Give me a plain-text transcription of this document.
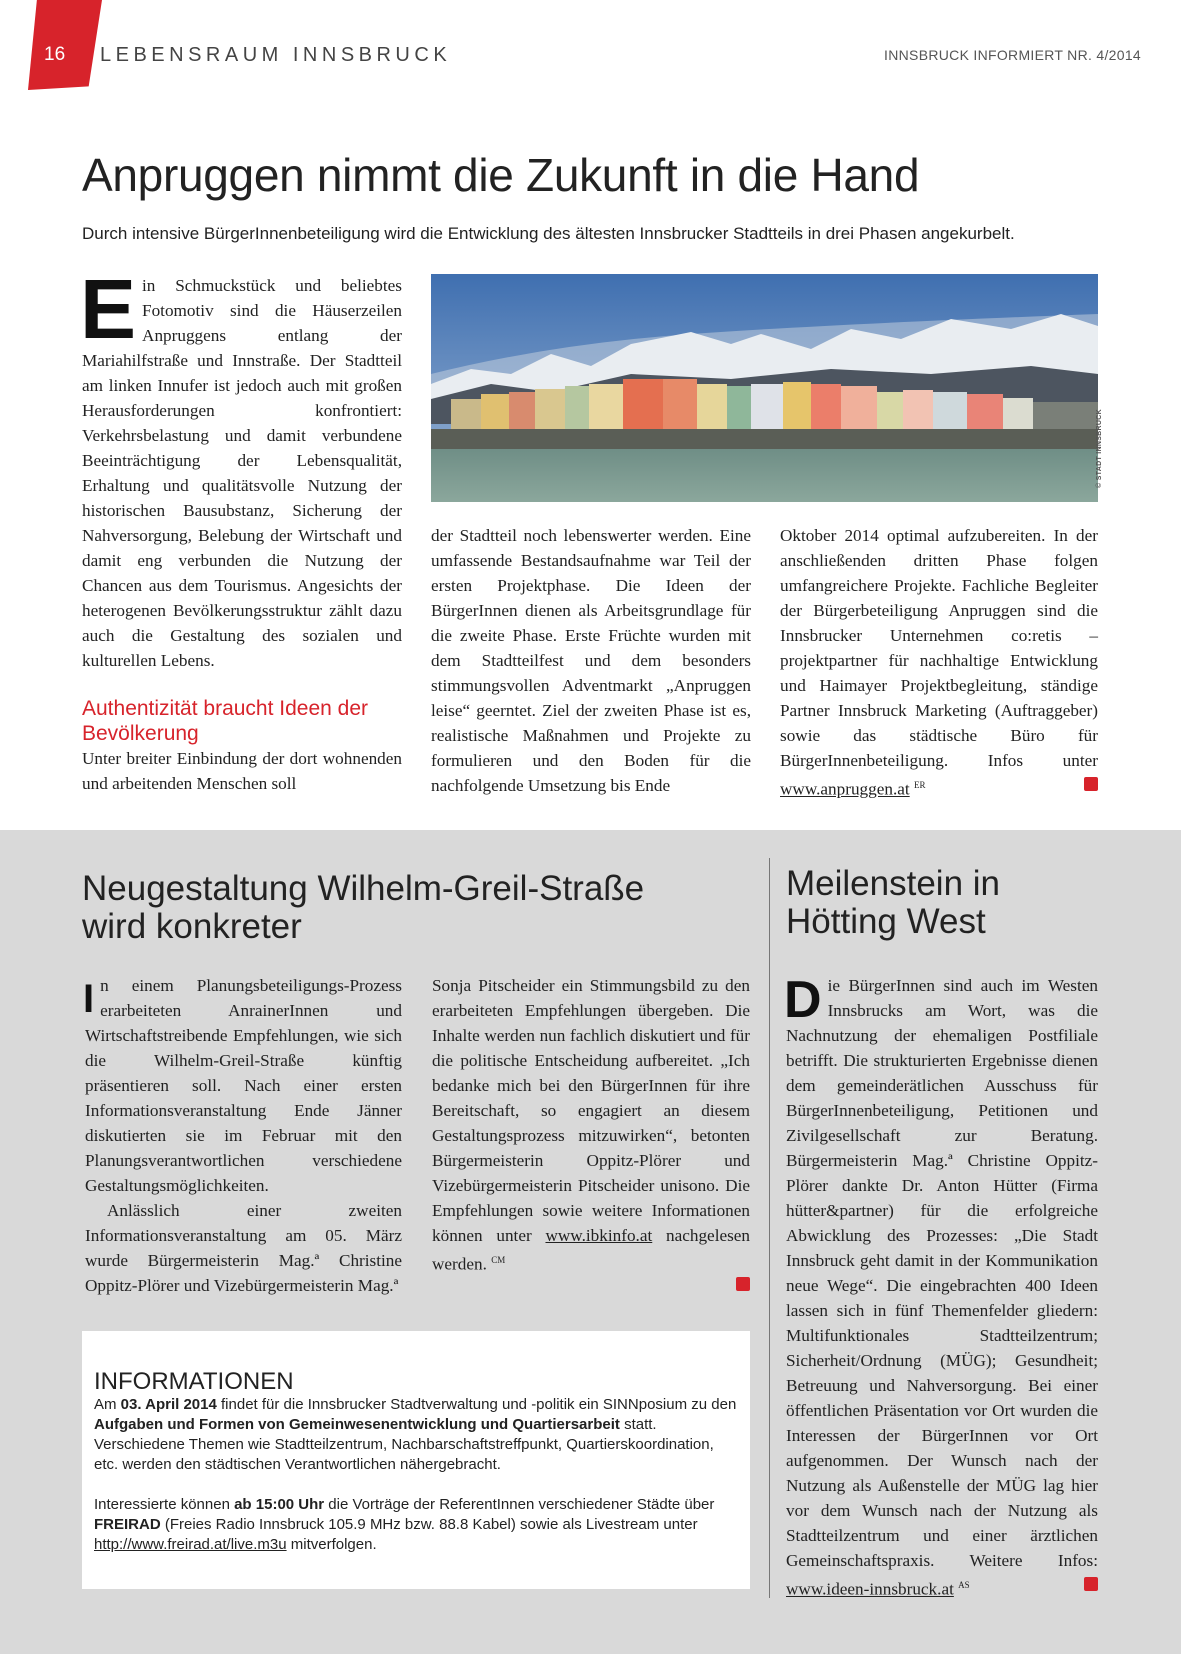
16 LEBENSRAUM INNSBRUCK	INNSBRUCK INFORMIERT NR. 4/2014
Anpruggen nimmt die Zukunft in die Hand
Durch intensive BürgerInnenbeteiligung wird die Entwicklung des ältesten Innsbrucker Stadtteils in drei Phasen angekurbelt.
E in Schmuckstück und beliebtes Fotomotiv sind die Häuserzeilen Anpruggens entlang der Mariahilfstraße und Innstraße. Der Stadtteil am linken Innufer ist jedoch auch mit großen Herausforderungen konfrontiert: Verkehrsbelastung und damit verbundene Beeinträchtigung der Lebensqualität, Erhaltung und qualitätsvolle Nutzung der historischen Bausubstanz, Sicherung der Nahversorgung, Belebung der Wirtschaft und damit eng verbunden die Nutzung der Chancen aus dem Tourismus. Angesichts der heterogenen Bevölkerungsstruktur zählt dazu auch die Gestaltung des sozialen und kulturellen Lebens.
Authentizität braucht Ideen der Bevölkerung
Unter breiter Einbindung der dort wohnenden und arbeitenden Menschen soll
© STADT INNSBRUCK
der Stadtteil noch lebenswerter werden. Eine umfassende Bestandsaufnahme war Teil der ersten Projektphase. Die Ideen der BürgerInnen dienen als Arbeitsgrundlage für die zweite Phase. Erste Früchte wurden mit dem Stadtteilfest und dem besonders stimmungsvollen Adventmarkt „Anpruggen leise“ geerntet. Ziel der zweiten Phase ist es, realistische Maßnahmen und Projekte zu formulieren und den Boden für die nachfolgende Umsetzung bis Ende
Oktober 2014 optimal aufzubereiten. In der anschließenden dritten Phase folgen umfangreichere Projekte. Fachliche Begleiter der Bürgerbeteiligung Anpruggen sind die Innsbrucker Unternehmen co:retis – projektpartner für nachhaltige Entwicklung und Haimayer Projektbegleitung, ständige Partner Innsbruck Marketing (Auftraggeber) sowie das städtische Büro für BürgerInnenbeteiligung. Infos unter www.anpruggen.at $^{ER}$
Neugestaltung Wilhelm-Greil-Straße
wird konkreter
I n einem Planungsbeteiligungs-Prozess erarbeiteten AnrainerInnen und Wirtschaftstreibende Empfehlungen, wie sich die Wilhelm-Greil-Straße künftig präsentieren soll. Nach einer ersten Informationsveranstaltung Ende Jänner diskutierten sie im Februar mit den Planungsverantwortlichen verschiedene Gestaltungsmöglichkeiten.
Anlässlich einer zweiten Informationsveranstaltung am 05. März wurde Bürgermeisterin Mag.ª Christine Oppitz-Plörer und Vizebürgermeisterin Mag.ª
Sonja Pitscheider ein Stimmungsbild zu den erarbeiteten Empfehlungen übergeben. Die Inhalte werden nun fachlich diskutiert und für die politische Entscheidung aufbereitet. „Ich bedanke mich bei den BürgerInnen für ihre Bereitschaft, so engagiert an diesem Gestaltungsprozess mitzuwirken“, betonten Bürgermeisterin Oppitz-Plörer und Vizebürgermeisterin Pitscheider unisono. Die Empfehlungen sowie weitere Informationen können unter www.ibkinfo.at nachgelesen werden. $^{CM}$
INFORMATIONEN

Am 03. April 2014 findet für die Innsbrucker Stadtverwaltung und -politik ein SINNposium zu den Aufgaben und Formen von Gemeinwesenentwicklung und Quartiersarbeit statt. Verschiedene Themen wie Stadtteilzentrum, Nachbarschaftstreffpunkt, Quartierskoordination, etc. werden den städtischen Verantwortlichen nähergebracht.

Interessierte können ab 15:00 Uhr die Vorträge der ReferentInnen verschiedener Städte über FREIRAD (Freies Radio Innsbruck 105.9 MHz bzw. 88.8 Kabel) sowie als Livestream unter http://www.freirad.at/live.m3u mitverfolgen.

Meilenstein in
Hötting West
D ie BürgerInnen sind auch im Westen Innsbrucks am Wort, was die Nachnutzung der ehemaligen Postfiliale betrifft. Die strukturierten Ergebnisse dienen dem gemeinderätlichen Ausschuss für BürgerInnenbeteiligung, Petitionen und Zivilgesellschaft zur Beratung. Bürgermeisterin Mag.ª Christine Oppitz-Plörer dankte Dr. Anton Hütter (Firma hütter&partner) für die erfolgreiche Abwicklung des Prozesses: „Die Stadt Innsbruck geht damit in der Kommunikation neue Wege“. Die eingebrachten 400 Ideen lassen sich in fünf Themenfelder gliedern: Multifunktionales Stadtteilzentrum; Sicherheit/Ordnung (MÜG); Gesundheit; Betreuung und Nahversorgung. Bei einer öffentlichen Präsentation vor Ort wurden die Interessen der BürgerInnen vor Ort aufgenommen. Der Wunsch nach der Nutzung als Außenstelle der MÜG lag hier vor dem Wunsch nach der Nutzung als Stadtteilzentrum und einer ärztlichen Gemeinschaftspraxis. Weitere Infos: www.ideen-innsbruck.at $^{AS}$
